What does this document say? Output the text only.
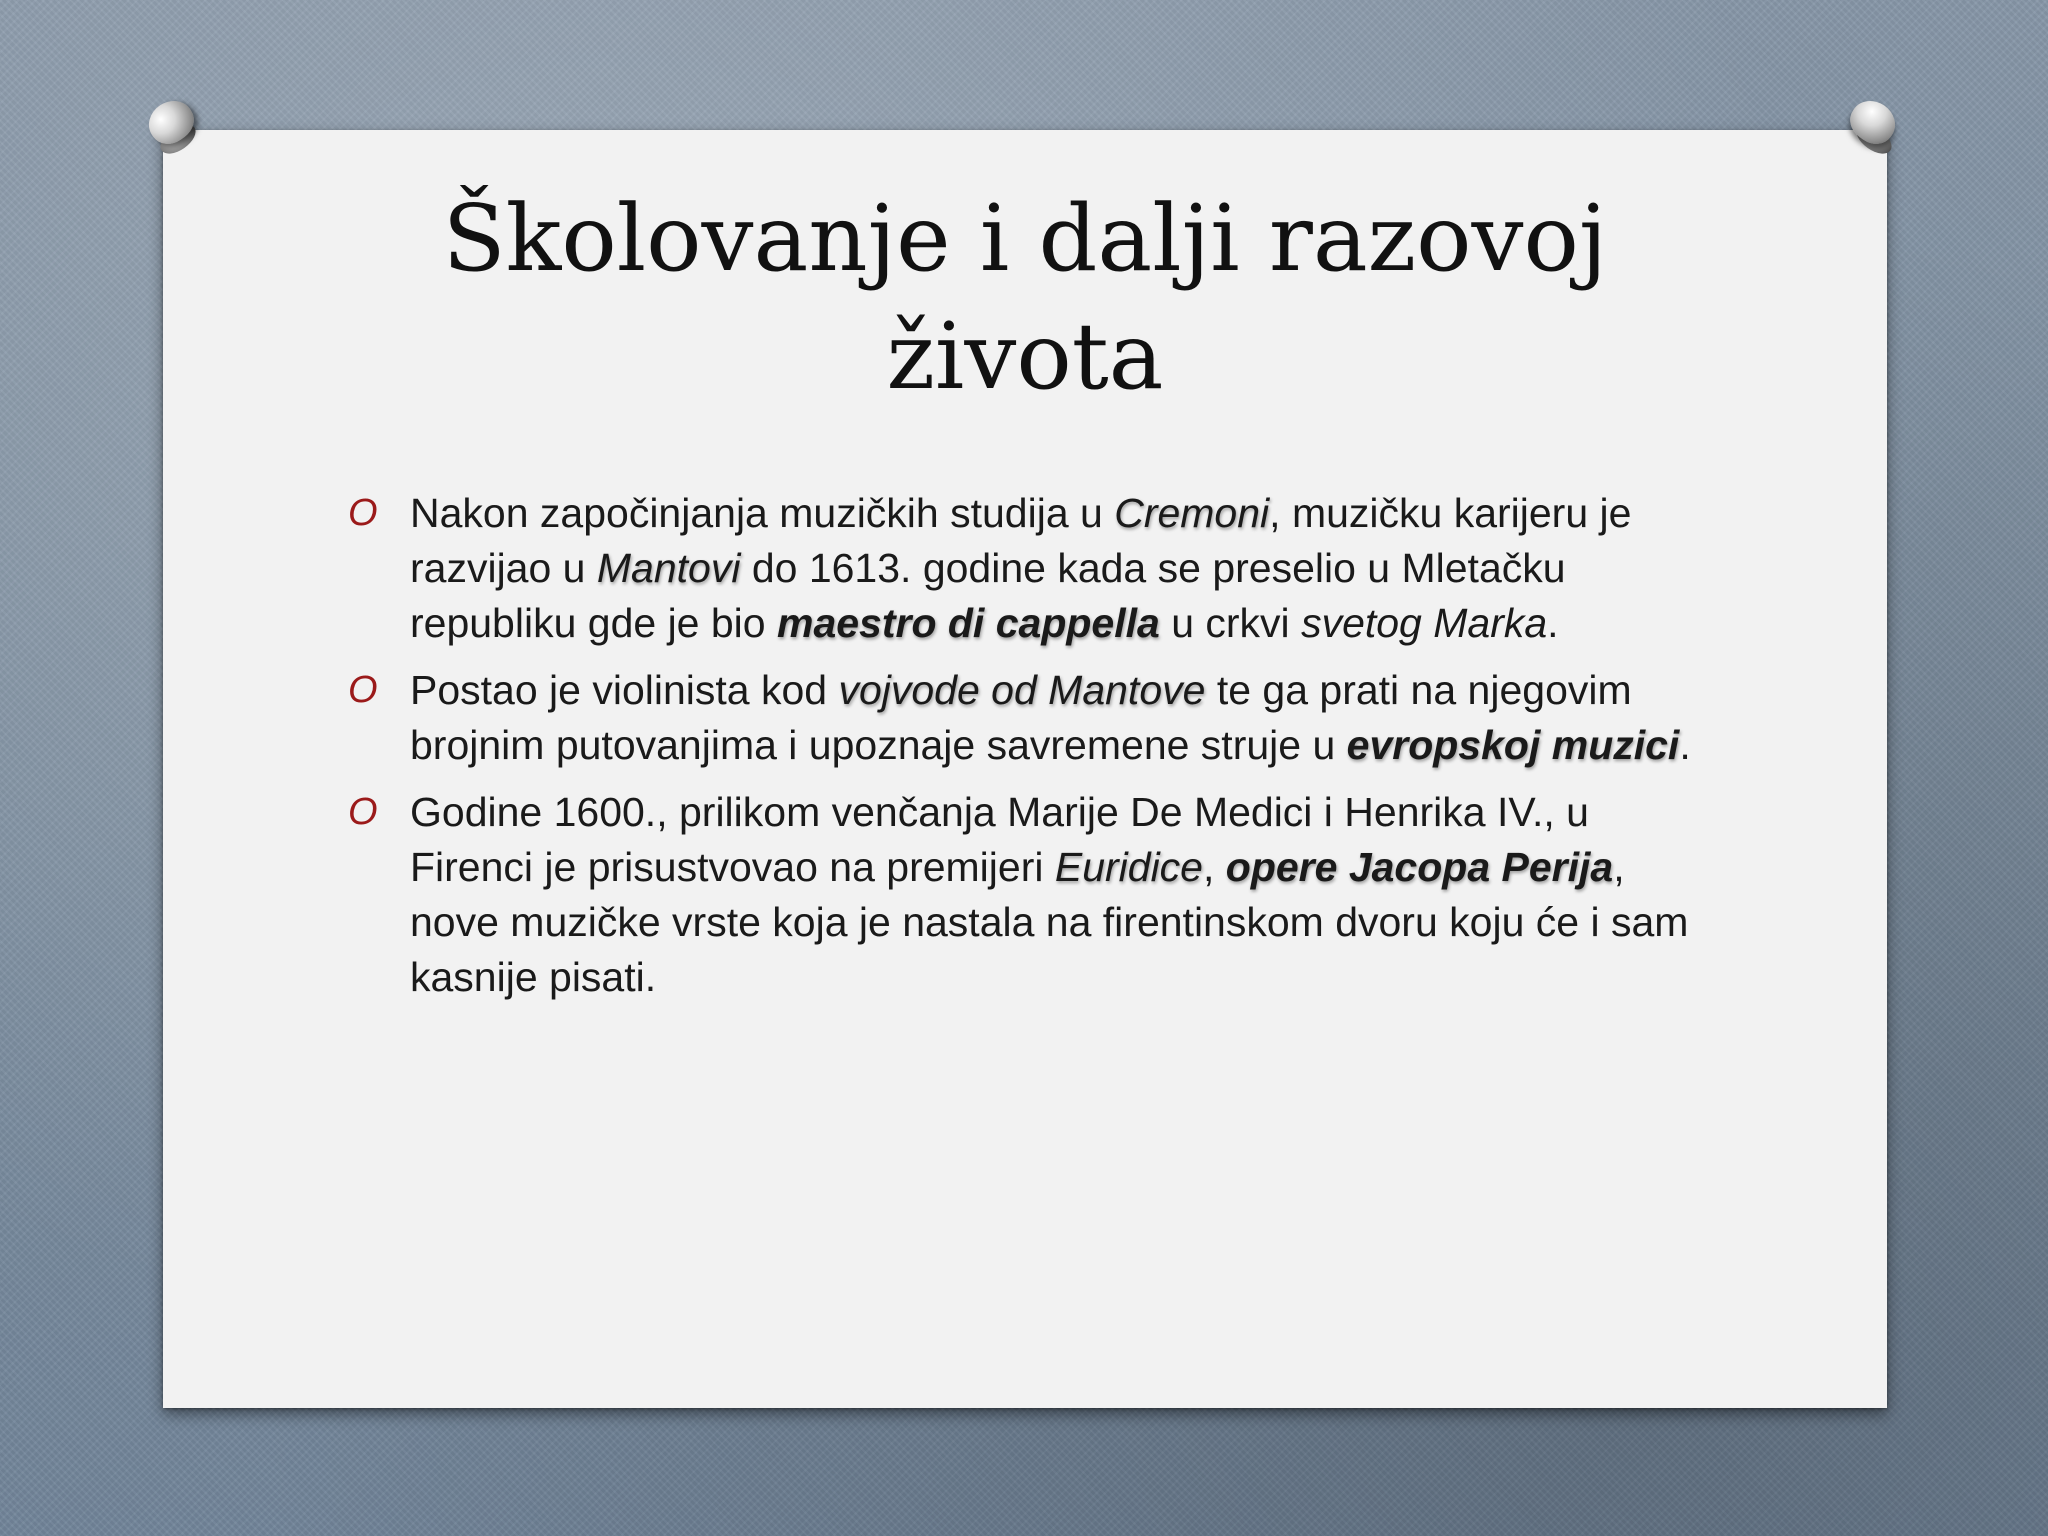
Školovanje i dalji razovoj
života
O Nakon započinjanja muzičkih studija u Cremoni, muzičku karijeru je razvijao u Mantovi do 1613. godine kada se preselio u Mletačku republiku gde je bio maestro di cappella u crkvi svetog Marka.
O Postao je violinista kod vojvode od Mantove te ga prati na njegovim brojnim putovanjima i upoznaje savremene struje u evropskoj muzici.
O Godine 1600., prilikom venčanja Marije De Medici i Henrika IV., u Firenci je prisustvovao na premijeri Euridice, opere Jacopa Perija, nove muzičke vrste koja je nastala na firentinskom dvoru koju će i sam kasnije pisati.
